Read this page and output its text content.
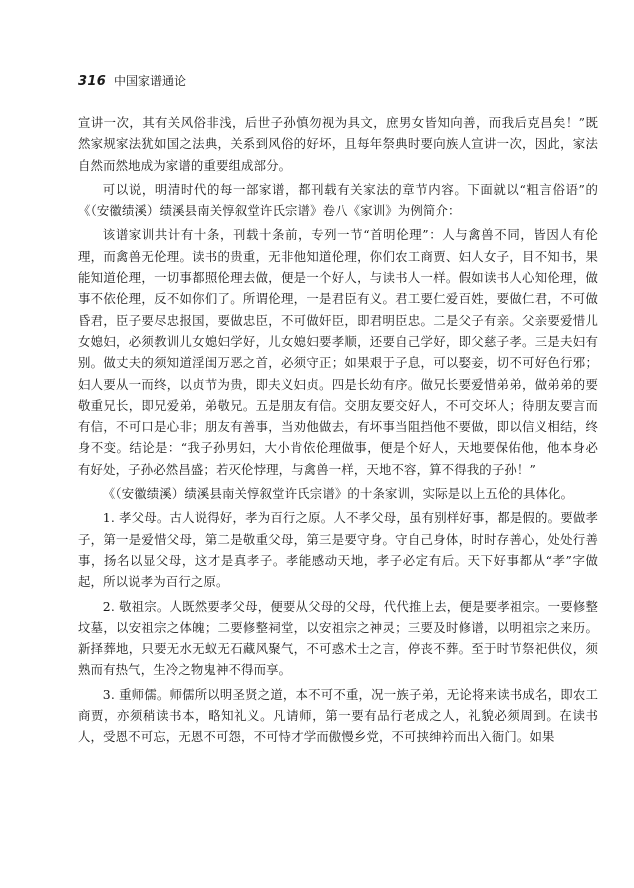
316 中国家谱通论

宣讲一次，其有关风俗非浅，后世子孙慎勿视为具文，庶男女皆知向善，而我后克昌矣！”既然家规家法犹如国之法典，关系到风俗的好坏，且每年祭典时要向族人宣讲一次，因此，家法自然而然地成为家谱的重要组成部分。

可以说，明清时代的每一部家谱，都刊载有关家法的章节内容。下面就以“粗言俗语”的《（安徽绩溪）绩溪县南关惇叙堂许氏宗谱》卷八《家训》为例简介：

该谱家训共计有十条，刊载十条前，专列一节“首明伦理”：人与禽兽不同，皆因人有伦理，而禽兽无伦理。读书的贵重，无非他知道伦理，你们农工商贾、妇人女子，目不知书，果能知道伦理，一切事都照伦理去做，便是一个好人，与读书人一样。假如读书人心知伦理，做事不依伦理，反不如你们了。所谓伦理，一是君臣有义。君工要仁爱百姓，要做仁君，不可做昏君，臣子要尽忠报国，要做忠臣，不可做奸臣，即君明臣忠。二是父子有亲。父亲要爱惜儿女媳妇，必须教训儿女媳妇学好，儿女媳妇要孝顺，还要自己学好，即父慈子孝。三是夫妇有别。做丈夫的须知道淫闺万恶之首，必须守正；如果艰于子息，可以娶妾，切不可好色行邪；妇人要从一而终，以贞节为贵，即夫义妇贞。四是长幼有序。做兄长要爱惜弟弟，做弟弟的要敬重兄长，即兄爱弟，弟敬兄。五是朋友有信。交朋友要交好人，不可交坏人；待朋友要言而有信，不可口是心非；朋友有善事，当劝他做去，有坏事当阻挡他不要做，即以信义相结，终身不变。结论是：“我子孙男妇，大小肯依伦理做事，便是个好人，天地要保佑他，他本身必有好处，子孙必然昌盛；若灭伦悖理，与禽兽一样，天地不容，算不得我的子孙！”

《（安徽绩溪）绩溪县南关惇叙堂许氏宗谱》的十条家训，实际是以上五伦的具体化。

1. 孝父母。古人说得好，孝为百行之原。人不孝父母，虽有别样好事，都是假的。要做孝子，第一是爱惜父母，第二是敬重父母，第三是要守身。守自己身体，时时存善心，处处行善事，扬名以显父母，这才是真孝子。孝能感动天地，孝子必定有后。天下好事都从“孝”字做起，所以说孝为百行之原。

2. 敬祖宗。人既然要孝父母，便要从父母的父母，代代推上去，便是要孝祖宗。一要修整坟墓，以安祖宗之体魄；二要修整祠堂，以安祖宗之神灵；三要及时修谱，以明祖宗之来历。新择葬地，只要无水无蚁无石藏风聚气，不可惑术士之言，停丧不葬。至于时节祭祀供仪，须熟而有热气，生冷之物鬼神不得而享。

3. 重师儒。师儒所以明圣贤之道，本不可不重，况一族子弟，无论将来读书成名，即农工商贾，亦须稍读书本，略知礼义。凡请师，第一要有品行老成之人，礼貌必须周到。在读书人，受恩不可忘，无恩不可怨，不可恃才学而傲慢乡党，不可挟绅衿而出入衙门。如果
